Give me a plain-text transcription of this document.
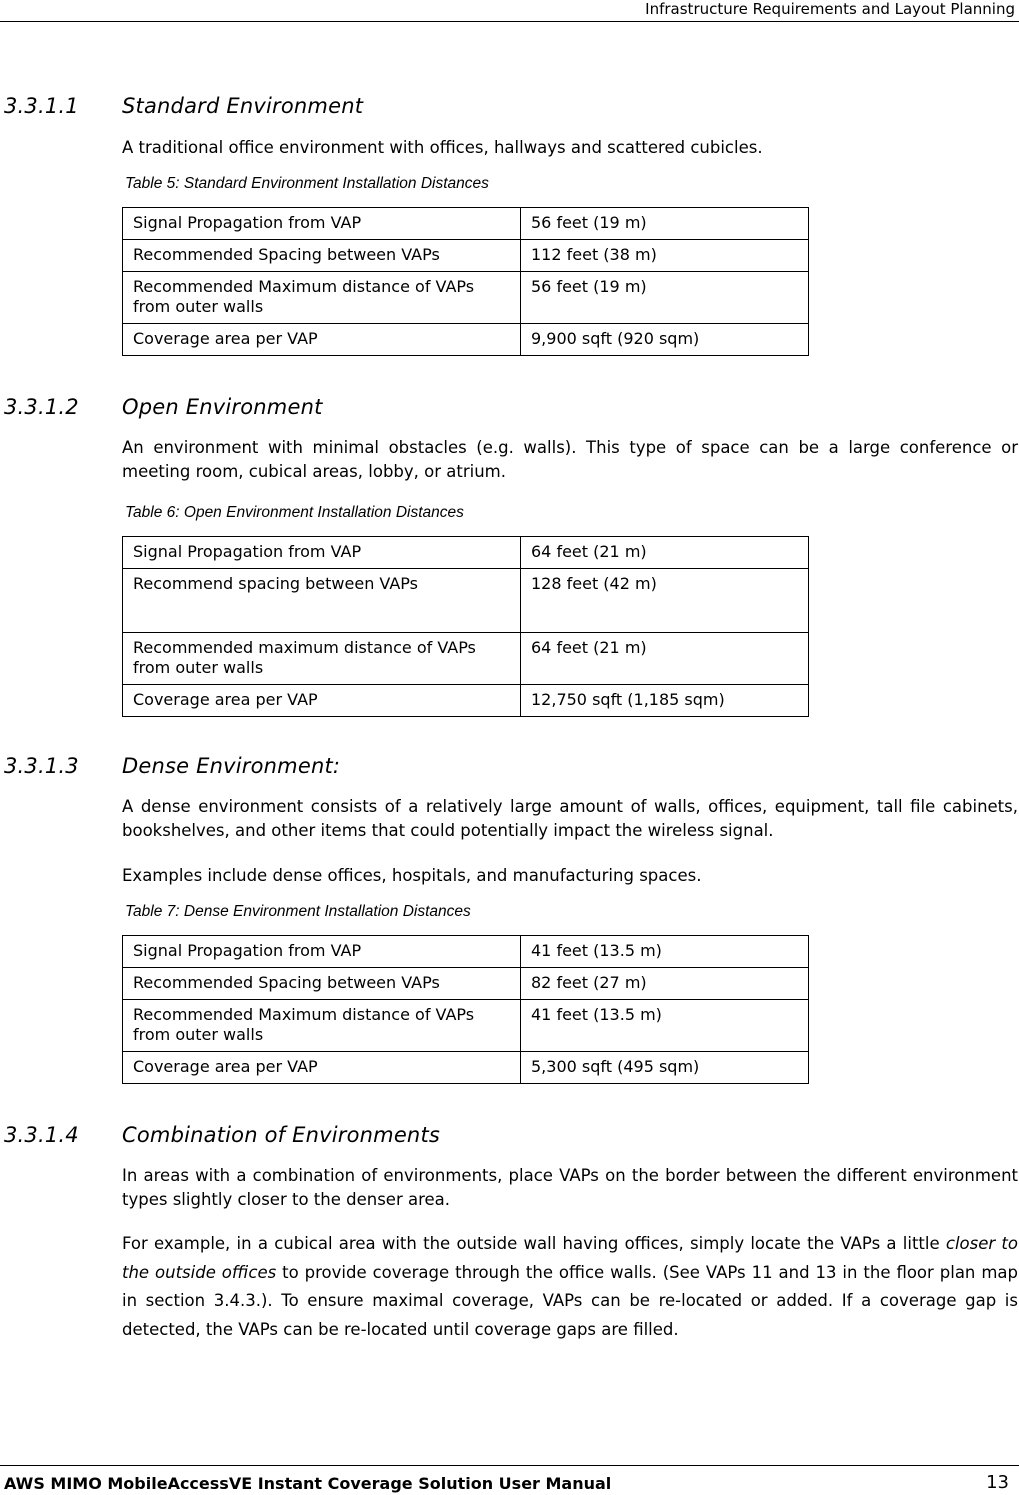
Infrastructure Requirements and Layout Planning
3.3.1.1 Standard Environment
A traditional office environment with offices, hallways and scattered cubicles.
Table 5: Standard Environment Installation Distances
Signal Propagation from VAP	56 feet (19 m)
Recommended Spacing between VAPs	112 feet (38 m)
Recommended Maximum distance of VAPs from outer walls	56 feet (19 m)
Coverage area per VAP	9,900 sqft (920 sqm)
3.3.1.2 Open Environment
An environment with minimal obstacles (e.g. walls). This type of space can be a large conference or meeting room, cubical areas, lobby, or atrium.
Table 6: Open Environment Installation Distances
Signal Propagation from VAP	64 feet (21 m)
Recommend spacing between VAPs	128 feet (42 m)
Recommended maximum distance of VAPs from outer walls	64 feet (21 m)
Coverage area per VAP	12,750 sqft (1,185 sqm)
3.3.1.3 Dense Environment:
A dense environment consists of a relatively large amount of walls, offices, equipment, tall file cabinets, bookshelves, and other items that could potentially impact the wireless signal.
Examples include dense offices, hospitals, and manufacturing spaces.
Table 7: Dense Environment Installation Distances
Signal Propagation from VAP	41 feet (13.5 m)
Recommended Spacing between VAPs	82 feet (27 m)
Recommended Maximum distance of VAPs from outer walls	41 feet (13.5 m)
Coverage area per VAP	5,300 sqft (495 sqm)
3.3.1.4 Combination of Environments
In areas with a combination of environments, place VAPs on the border between the different environment types slightly closer to the denser area.
For example, in a cubical area with the outside wall having offices, simply locate the VAPs a little closer to the outside offices to provide coverage through the office walls. (See VAPs 11 and 13 in the floor plan map in section 3.4.3.). To ensure maximal coverage, VAPs can be re-located or added. If a coverage gap is detected, the VAPs can be re-located until coverage gaps are filled.
AWS MIMO MobileAccessVE Instant Coverage Solution User Manual	13
